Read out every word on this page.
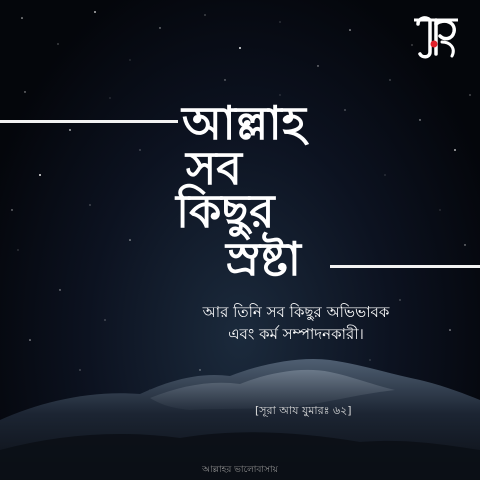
আল্লাহ
সব
কিছুর
স্রষ্টা
আর তিনি সব কিছুর অভিভাবক
এবং কর্ম সম্পাদনকারী।
[সূরা আয যুমারঃ ৬২]
আল্লাহর ভালোবাসায়
